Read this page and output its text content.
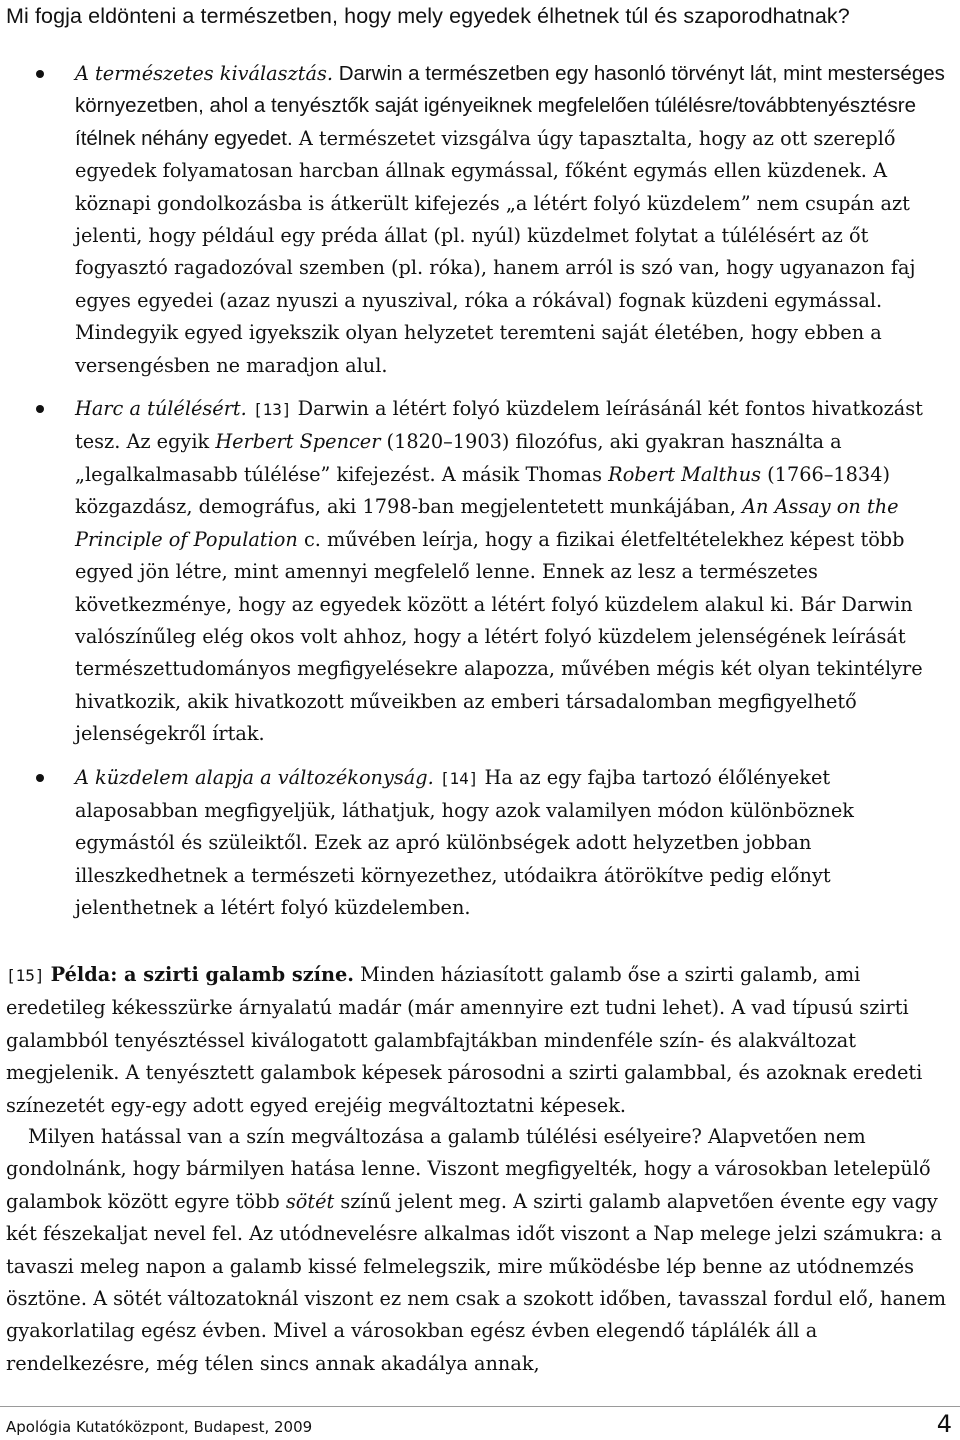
Mi fogja eldönteni a természetben, hogy mely egyedek élhetnek túl és szaporodhatnak?
A természetes kiválasztás. Darwin a természetben egy hasonló törvényt lát, mint mesterséges környezetben, ahol a tenyésztők saját igényeiknek megfelelően túlélésre/továbbtenyésztésre ítélnek néhány egyedet. A természetet vizsgálva úgy tapasztalta, hogy az ott szereplő egyedek folyamatosan harcban állnak egymással, főként egymás ellen küzdenek. A köznapi gondolkozásba is átkerült kifejezés „a létért folyó küzdelem” nem csupán azt jelenti, hogy például egy préda állat (pl. nyúl) küzdelmet folytat a túlélésért az őt fogyasztó ragadozóval szemben (pl. róka), hanem arról is szó van, hogy ugyanazon faj egyes egyedei (azaz nyuszi a nyuszival, róka a rókával) fognak küzdeni egymással. Mindegyik egyed igyekszik olyan helyzetet teremteni saját életében, hogy ebben a versengésben ne maradjon alul.
Harc a túlélésért. [13] Darwin a létért folyó küzdelem leírásánál két fontos hivatkozást tesz. Az egyik Herbert Spencer (1820–1903) filozófus, aki gyakran használta a „legalkalmasabb túlélése” kifejezést. A másik Thomas Robert Malthus (1766–1834) közgazdász, demográfus, aki 1798-ban megjelentetett munkájában, An Assay on the Principle of Population c. művében leírja, hogy a fizikai életfeltételekhez képest több egyed jön létre, mint amennyi megfelelő lenne. Ennek az lesz a természetes következménye, hogy az egyedek között a létért folyó küzdelem alakul ki. Bár Darwin valószínűleg elég okos volt ahhoz, hogy a létért folyó küzdelem jelenségének leírását természettudományos megfigyelésekre alapozza, művében mégis két olyan tekintélyre hivatkozik, akik hivatkozott műveikben az emberi társadalomban megfigyelhető jelenségekről írtak.
A küzdelem alapja a változékonyság. [14] Ha az egy fajba tartozó élőlényeket alaposabban megfigyeljük, láthatjuk, hogy azok valamilyen módon különböznek egymástól és szüleiktől. Ezek az apró különbségek adott helyzetben jobban illeszkedhetnek a természeti környezethez, utódaikra átörökítve pedig előnyt jelenthetnek a létért folyó küzdelemben.

[15] Példa: a szirti galamb színe. Minden háziasított galamb őse a szirti galamb, ami eredetileg kékesszürke árnyalatú madár (már amennyire ezt tudni lehet). A vad típusú szirti galambból tenyésztéssel kiválogatott galambfajtákban mindenféle szín- és alakváltozat megjelenik. A tenyésztett galambok képesek párosodni a szirti galambbal, és azoknak eredeti színezetét egy-egy adott egyed erejéig megváltoztatni képesek.

Milyen hatással van a szín megváltozása a galamb túlélési esélyeire? Alapvetően nem gondolnánk, hogy bármilyen hatása lenne. Viszont megfigyelték, hogy a városokban letelepülő galambok között egyre több sötét színű jelent meg. A szirti galamb alapvetően évente egy vagy két fészekaljat nevel fel. Az utódnevelésre alkalmas időt viszont a Nap melege jelzi számukra: a tavaszi meleg napon a galamb kissé felmelegszik, mire működésbe lép benne az utódnemzés ösztöne. A sötét változatoknál viszont ez nem csak a szokott időben, tavasszal fordul elő, hanem gyakorlatilag egész évben. Mivel a városokban egész évben elegendő táplálék áll a rendelkezésre, még télen sincs annak akadálya annak,

Apológia Kutatóközpont, Budapest, 2009	4
